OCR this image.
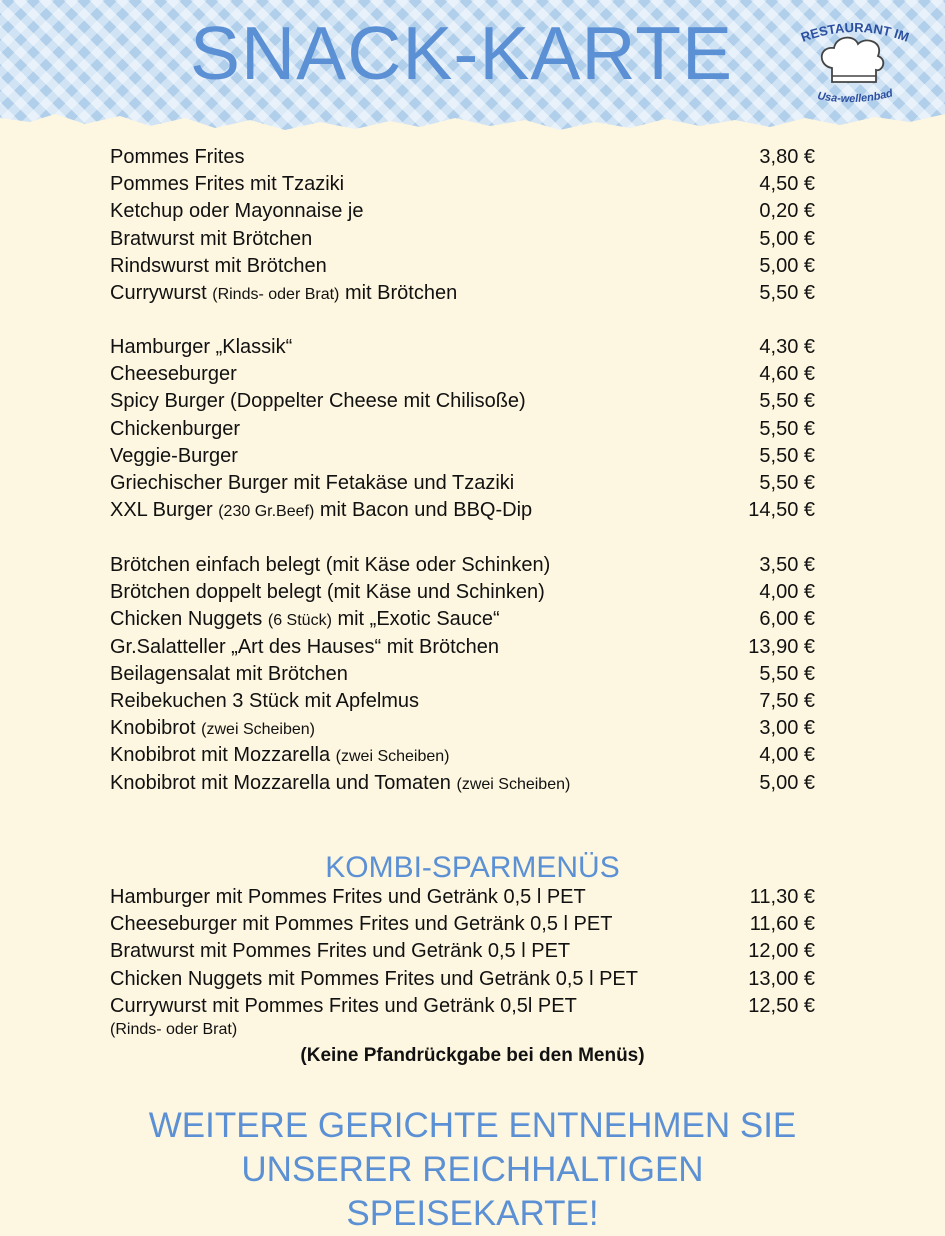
SNACK-KARTE	RESTAURANT IM
Usa-wellenbad
Pommes Frites	3,80 €
Pommes Frites mit Tzaziki	4,50 €
Ketchup oder Mayonnaise je	0,20 €
Bratwurst mit Brötchen	5,00 €
Rindswurst mit Brötchen	5,00 €
Currywurst (Rinds- oder Brat) mit Brötchen	5,50 €
Hamburger „Klassik“	4,30 €
Cheeseburger	4,60 €
Spicy Burger (Doppelter Cheese mit Chilisoße)	5,50 €
Chickenburger	5,50 €
Veggie-Burger	5,50 €
Griechischer Burger mit Fetakäse und Tzaziki	5,50 €
XXL Burger (230 Gr.Beef) mit Bacon und BBQ-Dip	14,50 €
Brötchen einfach belegt (mit Käse oder Schinken)	3,50 €
Brötchen doppelt belegt (mit Käse und Schinken)	4,00 €
Chicken Nuggets (6 Stück) mit „Exotic Sauce“	6,00 €
Gr.Salatteller „Art des Hauses“ mit Brötchen	13,90 €
Beilagensalat mit Brötchen	5,50 €
Reibekuchen 3 Stück mit Apfelmus	7,50 €
Knobibrot (zwei Scheiben)	3,00 €
Knobibrot mit Mozzarella (zwei Scheiben)	4,00 €
Knobibrot mit Mozzarella und Tomaten (zwei Scheiben)	5,00 €
KOMBI-SPARMENÜS
Hamburger mit Pommes Frites und Getränk 0,5 l PET	11,30 €
Cheeseburger mit Pommes Frites und Getränk 0,5 l PET	11,60 €
Bratwurst mit Pommes Frites und Getränk 0,5 l PET	12,00 €
Chicken Nuggets mit Pommes Frites und Getränk 0,5 l PET	13,00 €
Currywurst mit Pommes Frites und Getränk 0,5l PET	12,50 €
(Rinds- oder Brat)
(Keine Pfandrückgabe bei den Menüs)
WEITERE GERICHTE ENTNEHMEN SIE
UNSERER REICHHALTIGEN
SPEISEKARTE!
